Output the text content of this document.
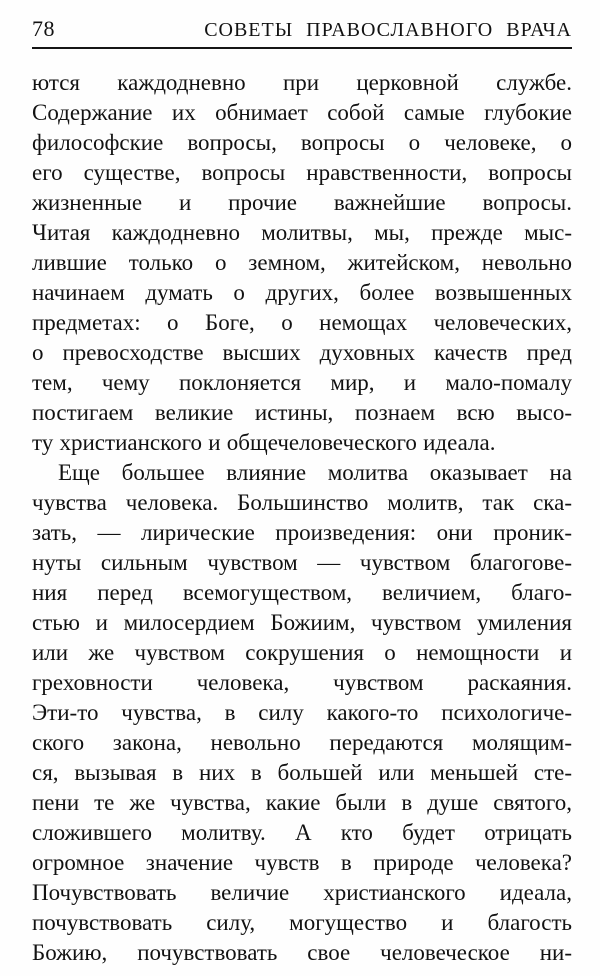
78	СОВЕТЫ ПРАВОСЛАВНОГО ВРАЧА
ются каждодневно при церковной службе.
Содержание их обнимает собой самые глубокие
философские вопросы, вопросы о человеке, о
его существе, вопросы нравственности, вопросы
жизненные и прочие важнейшие вопросы.
Читая каждодневно молитвы, мы, прежде мыс-
лившие только о земном, житейском, невольно
начинаем думать о других, более возвышенных
предметах: о Боге, о немощах человеческих,
о превосходстве высших духовных качеств пред
тем, чему поклоняется мир, и мало-помалу
постигаем великие истины, познаем всю высо-
ту христианского и общечеловеческого идеала.
Еще большее влияние молитва оказывает на
чувства человека. Большинство молитв, так ска-
зать, — лирические произведения: они проник-
нуты сильным чувством — чувством благогове-
ния перед всемогуществом, величием, благо-
стью и милосердием Божиим, чувством умиления
или же чувством сокрушения о немощности и
греховности человека, чувством раскаяния.
Эти-то чувства, в силу какого-то психологиче-
ского закона, невольно передаются молящим-
ся, вызывая в них в большей или меньшей сте-
пени те же чувства, какие были в душе святого,
сложившего молитву. А кто будет отрицать
огромное значение чувств в природе человека?
Почувствовать величие христианского идеала,
почувствовать силу, могущество и благость
Божию, почувствовать свое человеческое ни-
